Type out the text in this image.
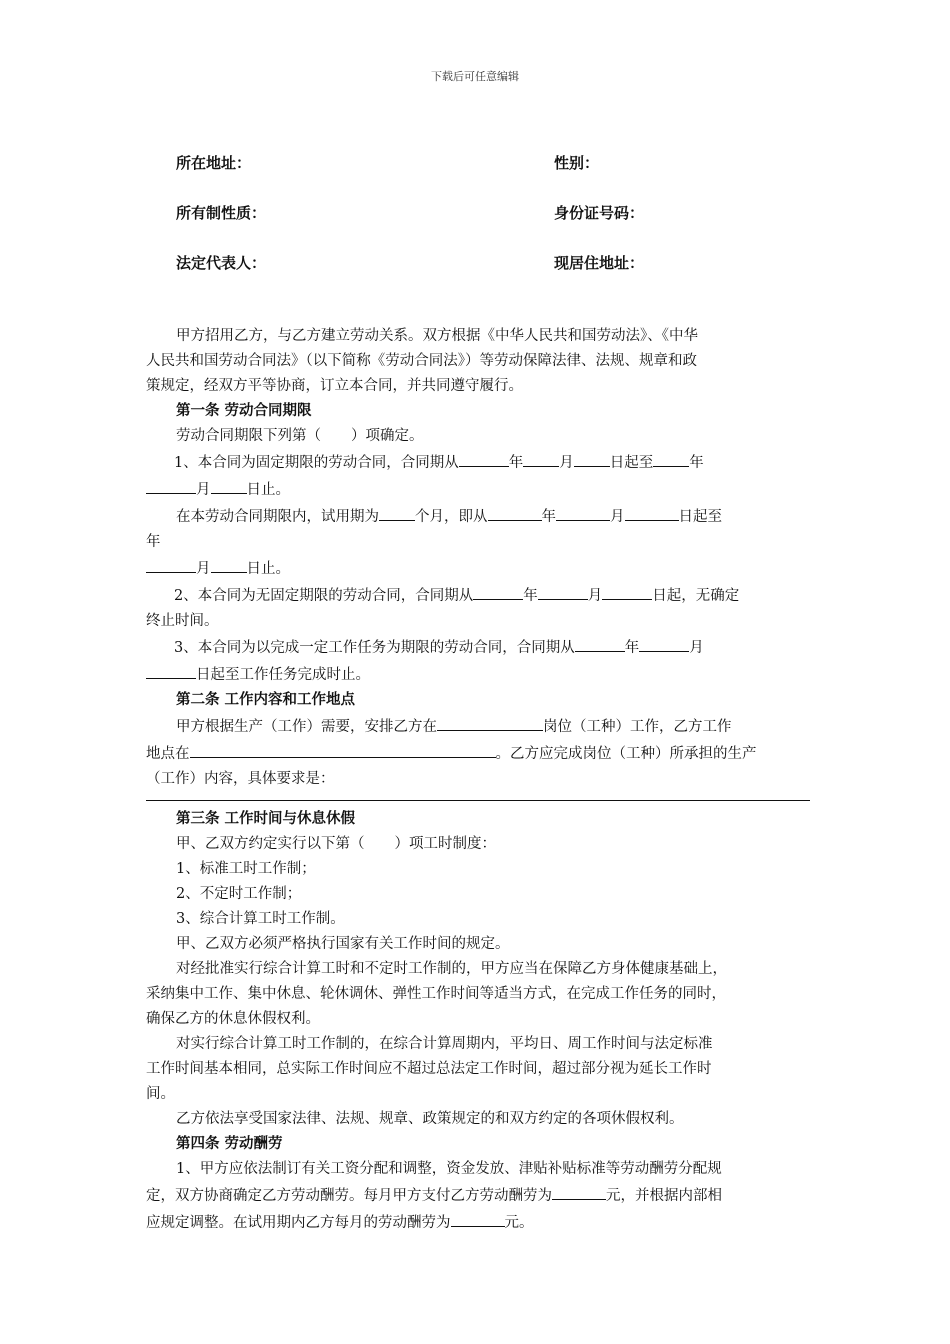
下载后可任意编辑
所在地址：	性别：
所有制性质：	身份证号码：
法定代表人：	现居住地址：

甲方招用乙方，与乙方建立劳动关系。双方根据《中华人民共和国劳动法》、《中华

人民共和国劳动合同法》（以下简称《劳动合同法》）等劳动保障法律、法规、规章和政

策规定，经双方平等协商，订立本合同，并共同遵守履行。

第一条 劳动合同期限

劳动合同期限下列第（ ）项确定。

1、本合同为固定期限的劳动合同，合同期从	年 月 日起至 年

月 日止。

在本劳动合同期限内，试用期为 个月，即从	年	月	日起至

年

月 日止。

2、本合同为无固定期限的劳动合同，合同期从	年	月	日起，无确定

终止时间。

3、本合同为以完成一定工作任务为期限的劳动合同，合同期从	年	月

日起至工作任务完成时止。

第二条 工作内容和工作地点

甲方根据生产（工作）需要，安排乙方在	岗位（工种）工作，乙方工作

地点在	。乙方应完成岗位（工种）所承担的生产

（工作）内容，具体要求是：

第三条 工作时间与休息休假

甲、乙双方约定实行以下第（ ）项工时制度：

1、标准工时工作制；

2、不定时工作制；

3、综合计算工时工作制。

甲、乙双方必须严格执行国家有关工作时间的规定。

对经批准实行综合计算工时和不定时工作制的，甲方应当在保障乙方身体健康基础上，

采纳集中工作、集中休息、轮休调休、弹性工作时间等适当方式，在完成工作任务的同时，

确保乙方的休息休假权利。

对实行综合计算工时工作制的，在综合计算周期内，平均日、周工作时间与法定标准

工作时间基本相同，总实际工作时间应不超过总法定工作时间，超过部分视为延长工作时

间。

乙方依法享受国家法律、法规、规章、政策规定的和双方约定的各项休假权利。

第四条 劳动酬劳

1、甲方应依法制订有关工资分配和调整，资金发放、津贴补贴标准等劳动酬劳分配规

定，双方协商确定乙方劳动酬劳。每月甲方支付乙方劳动酬劳为	元，并根据内部相

应规定调整。在试用期内乙方每月的劳动酬劳为	元。
